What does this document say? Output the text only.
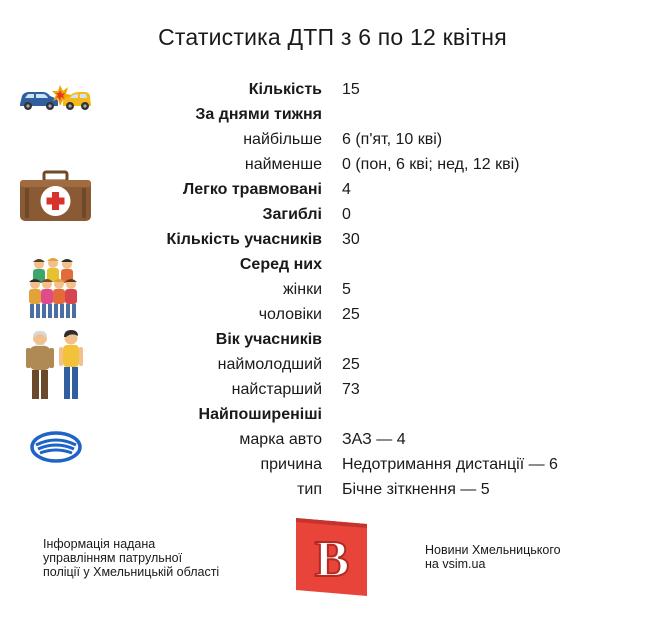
Статистика ДТП з 6 по 12 квітня
Кількість 15
За днями тижня
найбільше 6 (п'ят, 10 кві)
найменше 0 (пон, 6 кві; нед, 12 кві)
Легко травмовані 4
Загиблі 0
Кількість учасників 30
Серед них
жінки 5
чоловіки 25
Вік учасників
наймолодший 25
найстарший 73
Найпоширеніші
марка авто ЗАЗ — 4
причина Недотримання дистанції — 6
тип Бічне зіткнення — 5
Інформація надана
управлінням патрульної
поліції у Хмельницькій області B	Новини Хмельницького
на vsim.ua
